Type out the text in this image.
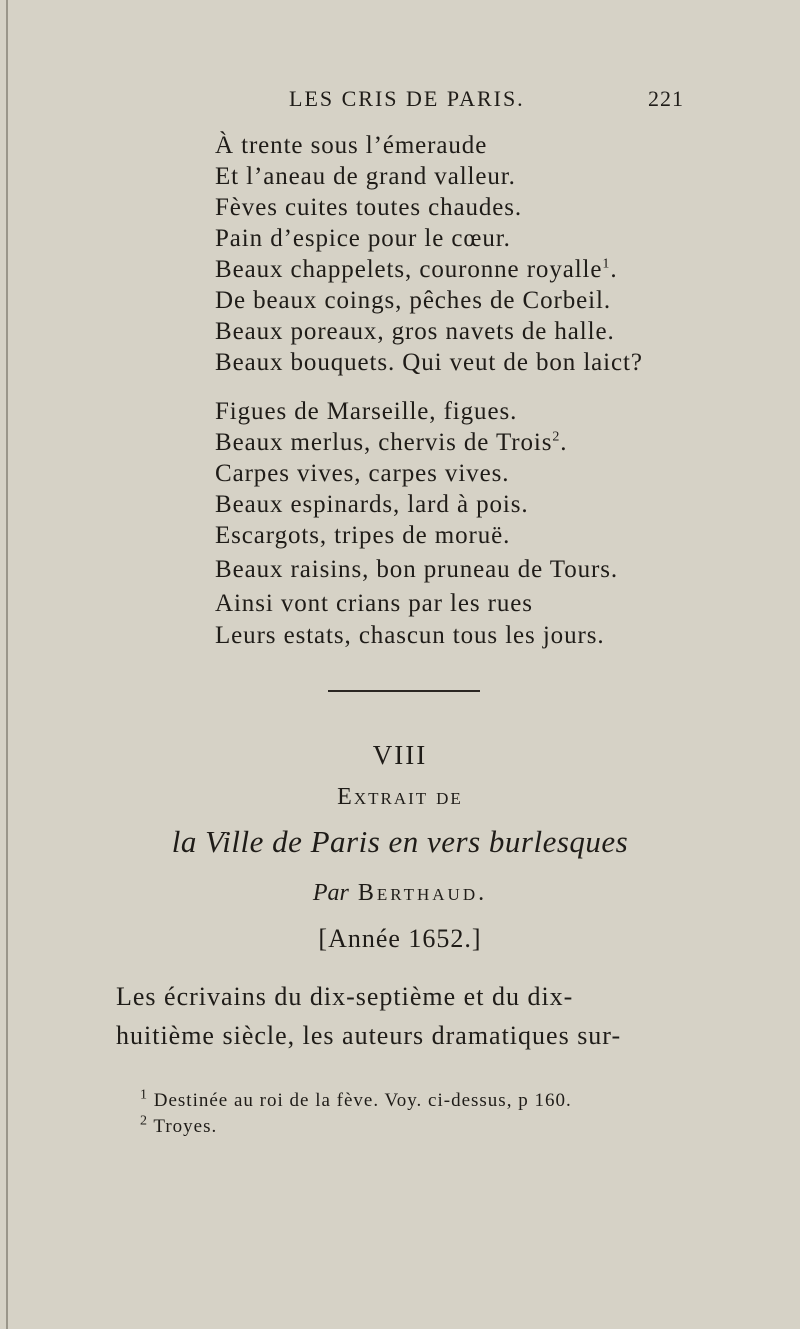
LES CRIS DE PARIS.	221
À trente sous l’émeraude
Et l’aneau de grand valleur.
Fèves cuites toutes chaudes.
Pain d’espice pour le cœur.
Beaux chappelets, couronne royalle$^1$.
De beaux coings, pêches de Corbeil.
Beaux poreaux, gros navets de halle.
Beaux bouquets. Qui veut de bon laict?
Figues de Marseille, figues.
Beaux merlus, chervis de Trois$^2$.
Carpes vives, carpes vives.
Beaux espinards, lard à pois.
Escargots, tripes de moruë.
Beaux raisins, bon pruneau de Tours.
Ainsi vont crians par les rues
Leurs estats, chascun tous les jours.
VIII
Extrait de
la Ville de Paris en vers burlesques
Par Berthaud.
[Année 1652.]
Les écrivains du dix-septième et du dix-
huitième siècle, les auteurs dramatiques sur-
$^1$ Destinée au roi de la fève. Voy. ci-dessus, p 160.
$^2$ Troyes.
